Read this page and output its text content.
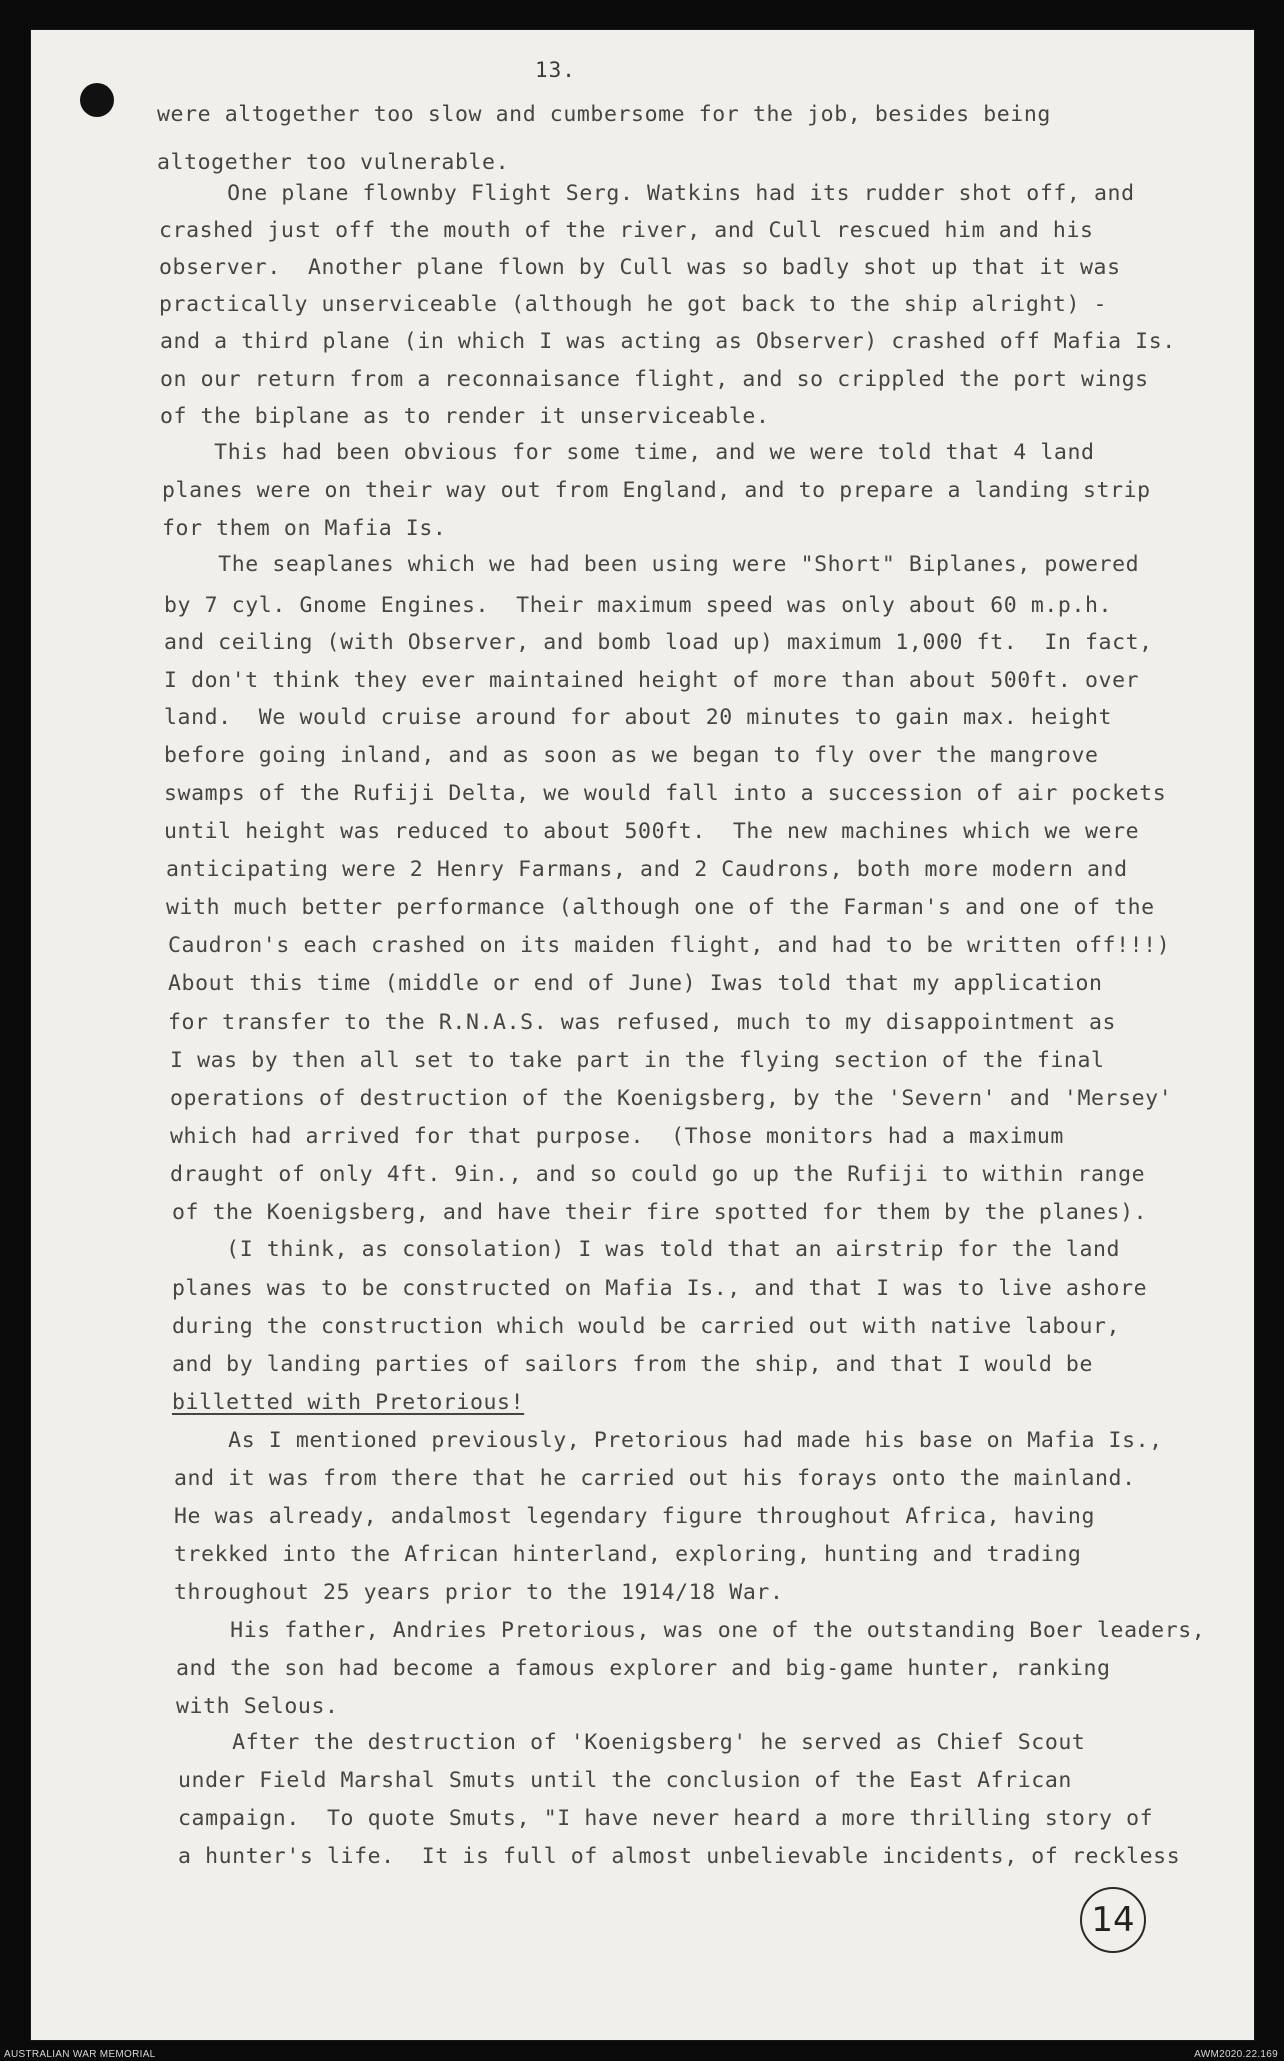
13.
were altogether too slow and cumbersome for the job, besides being
altogether too vulnerable.
One plane flownby Flight Serg. Watkins had its rudder shot off, and
crashed just off the mouth of the river, and Cull rescued him and his
observer.  Another plane flown by Cull was so badly shot up that it was
practically unserviceable (although he got back to the ship alright) -
and a third plane (in which I was acting as Observer) crashed off Mafia Is.
on our return from a reconnaisance flight, and so crippled the port wings
of the biplane as to render it unserviceable.
This had been obvious for some time, and we were told that 4 land
planes were on their way out from England, and to prepare a landing strip
for them on Mafia Is.
The seaplanes which we had been using were "Short" Biplanes, powered
by 7 cyl. Gnome Engines.  Their maximum speed was only about 60 m.p.h.
and ceiling (with Observer, and bomb load up) maximum 1,000 ft.  In fact,
I don't think they ever maintained height of more than about 500ft. over
land.  We would cruise around for about 20 minutes to gain max. height
before going inland, and as soon as we began to fly over the mangrove
swamps of the Rufiji Delta, we would fall into a succession of air pockets
until height was reduced to about 500ft.  The new machines which we were
anticipating were 2 Henry Farmans, and 2 Caudrons, both more modern and
with much better performance (although one of the Farman's and one of the
Caudron's each crashed on its maiden flight, and had to be written off!!!)
About this time (middle or end of June) Iwas told that my application
for transfer to the R.N.A.S. was refused, much to my disappointment as
I was by then all set to take part in the flying section of the final
operations of destruction of the Koenigsberg, by the 'Severn' and 'Mersey'
which had arrived for that purpose.  (Those monitors had a maximum
draught of only 4ft. 9in., and so could go up the Rufiji to within range
of the Koenigsberg, and have their fire spotted for them by the planes).
(I think, as consolation) I was told that an airstrip for the land
planes was to be constructed on Mafia Is., and that I was to live ashore
during the construction which would be carried out with native labour,
and by landing parties of sailors from the ship, and that I would be
billetted with Pretorious!
As I mentioned previously, Pretorious had made his base on Mafia Is.,
and it was from there that he carried out his forays onto the mainland.
He was already, andalmost legendary figure throughout Africa, having
trekked into the African hinterland, exploring, hunting and trading
throughout 25 years prior to the 1914/18 War.
His father, Andries Pretorious, was one of the outstanding Boer leaders,
and the son had become a famous explorer and big-game hunter, ranking
with Selous.
After the destruction of 'Koenigsberg' he served as Chief Scout
under Field Marshal Smuts until the conclusion of the East African
campaign.  To quote Smuts, "I have never heard a more thrilling story of
a hunter's life.  It is full of almost unbelievable incidents, of reckless
14
AUSTRALIAN WAR MEMORIAL	AWM2020.22.169
